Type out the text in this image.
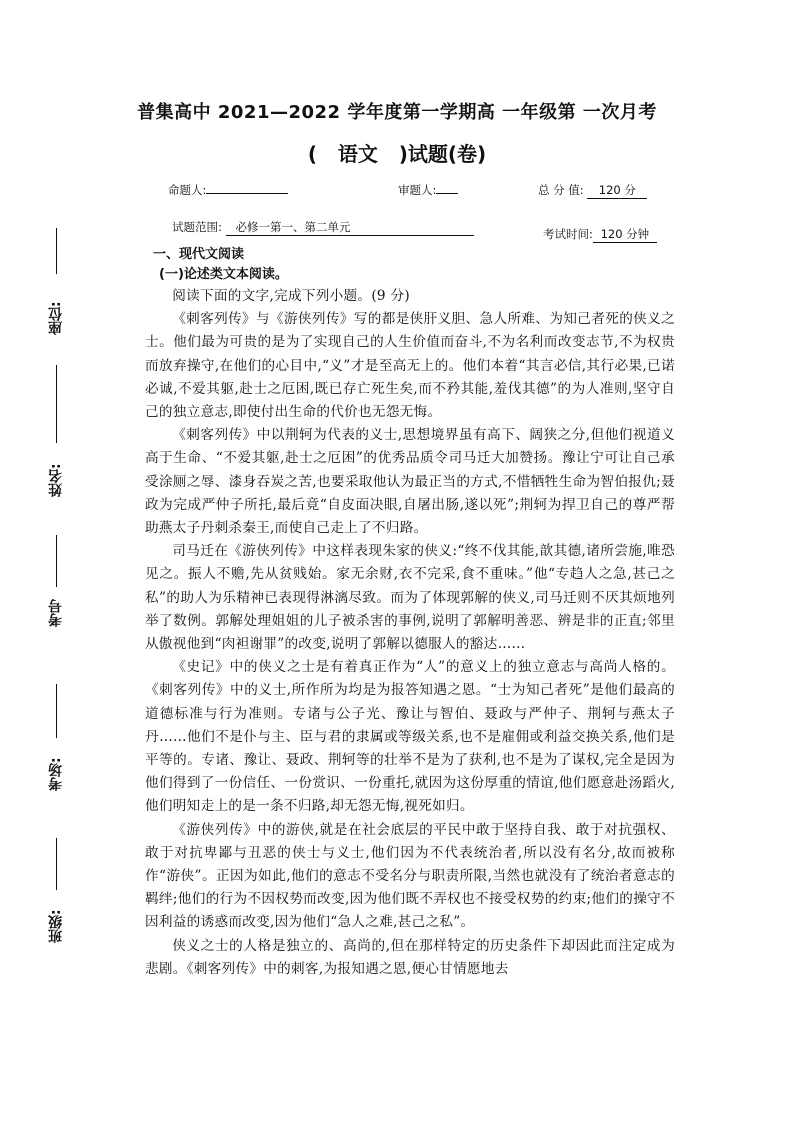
普集高中 2021—2022 学年度第一学期高 一年级第 一次月考
(   语文   )试题(卷)
命题人:	审题人:	总 分 值: 120 分
试题范围: 必修一第一、第二单元	考试时间: 120 分钟
座位:
姓名:
考号
考场:
班级:
一、现代文阅读
(一)论述类文本阅读。

阅读下面的文字,完成下列小题。(9 分)

《刺客列传》与《游侠列传》写的都是侠肝义胆、急人所难、为知己者死的侠义之士。他们最为可贵的是为了实现自己的人生价值而奋斗,不为名利而改变志节,不为权贵而放弃操守,在他们的心目中,“义”才是至高无上的。他们本着“其言必信,其行必果,已诺必诚,不爱其躯,赴士之厄困,既已存亡死生矣,而不矜其能,羞伐其德”的为人准则,坚守自己的独立意志,即使付出生命的代价也无怨无悔。

《刺客列传》中以荆轲为代表的义士,思想境界虽有高下、阔狭之分,但他们视道义高于生命、“不爱其躯,赴士之厄困”的优秀品质令司马迁大加赞扬。豫让宁可让自己承受涂厕之辱、漆身吞炭之苦,也要采取他认为最正当的方式,不惜牺牲生命为智伯报仇;聂政为完成严仲子所托,最后竟“自皮面决眼,自屠出肠,遂以死”;荆轲为捍卫自己的尊严帮助燕太子丹刺杀秦王,而使自己走上了不归路。

司马迁在《游侠列传》中这样表现朱家的侠义:“终不伐其能,歆其德,诸所尝施,唯恐见之。振人不赡,先从贫贱始。家无余财,衣不完采,食不重味。”他“专趋人之急,甚己之私”的助人为乐精神已表现得淋漓尽致。而为了体现郭解的侠义,司马迁则不厌其烦地列举了数例。郭解处理姐姐的儿子被杀害的事例,说明了郭解明善恶、辨是非的正直;邻里从傲视他到“肉袒谢罪”的改变,说明了郭解以德服人的豁达……

《史记》中的侠义之士是有着真正作为“人”的意义上的独立意志与高尚人格的。《刺客列传》中的义士,所作所为均是为报答知遇之恩。“士为知己者死”是他们最高的道德标准与行为准则。专诸与公子光、豫让与智伯、聂政与严仲子、荆轲与燕太子丹……他们不是仆与主、臣与君的隶属或等级关系,也不是雇佣或利益交换关系,他们是平等的。专诸、豫让、聂政、荆轲等的壮举不是为了获利,也不是为了谋权,完全是因为他们得到了一份信任、一份赏识、一份重托,就因为这份厚重的情谊,他们愿意赴汤蹈火,他们明知走上的是一条不归路,却无怨无悔,视死如归。

《游侠列传》中的游侠,就是在社会底层的平民中敢于坚持自我、敢于对抗强权、敢于对抗卑鄙与丑恶的侠士与义士,他们因为不代表统治者,所以没有名分,故而被称作“游侠”。正因为如此,他们的意志不受名分与职责所限,当然也就没有了统治者意志的羁绊;他们的行为不因权势而改变,因为他们既不弄权也不接受权势的约束;他们的操守不因利益的诱惑而改变,因为他们“急人之难,甚己之私”。

侠义之士的人格是独立的、高尚的,但在那样特定的历史条件下却因此而注定成为悲剧。《刺客列传》中的刺客,为报知遇之恩,便心甘情愿地去
